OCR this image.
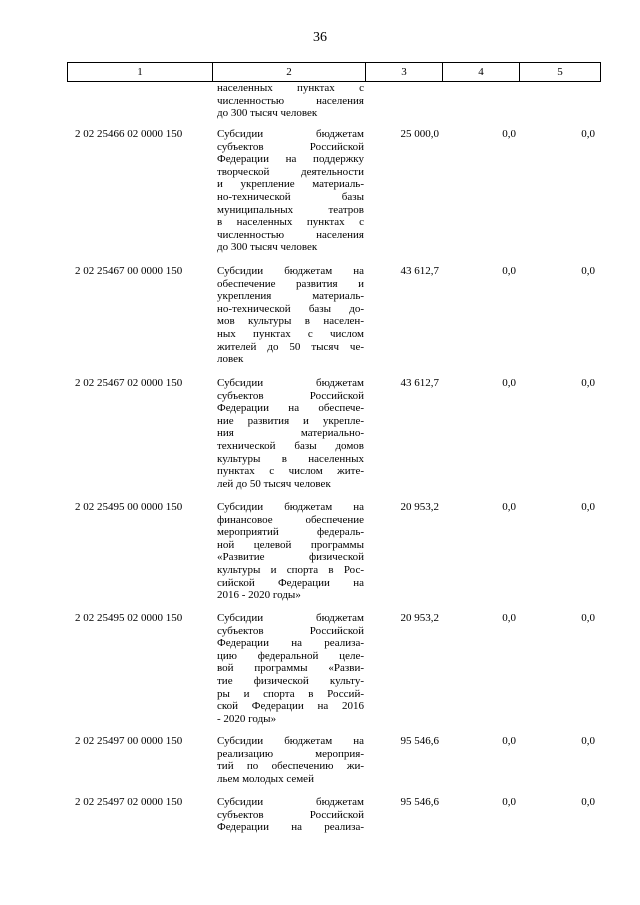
36
1	2	3	4	5
населенных пунктах с
численностью населения
до 300 тысяч человек
2 02 25466 02 0000 150	Субсидии бюджетам
субъектов Российской
Федерации на поддержку
творческой деятельности
и укрепление материаль-
но-технической базы
муниципальных театров
в населенных пунктах с
численностью населения
до 300 тысяч человек
25 000,0	0,0	0,0
2 02 25467 00 0000 150	Субсидии бюджетам на
обеспечение развития и
укрепления материаль-
но-технической базы до-
мов культуры в населен-
ных пунктах с числом
жителей до 50 тысяч че-
ловек
43 612,7	0,0	0,0
2 02 25467 02 0000 150	Субсидии бюджетам
субъектов Российской
Федерации на обеспече-
ние развития и укрепле-
ния материально-
технической базы домов
культуры в населенных
пунктах с числом жите-
лей до 50 тысяч человек
43 612,7	0,0	0,0
2 02 25495 00 0000 150	Субсидии бюджетам на
финансовое обеспечение
мероприятий федераль-
ной целевой программы
«Развитие физической
культуры и спорта в Рос-
сийской Федерации на
2016 - 2020 годы»
20 953,2	0,0	0,0
2 02 25495 02 0000 150	Субсидии бюджетам
субъектов Российской
Федерации на реализа-
цию федеральной целе-
вой программы «Разви-
тие физической культу-
ры и спорта в Россий-
ской Федерации на 2016
- 2020 годы»
20 953,2	0,0	0,0
2 02 25497 00 0000 150	Субсидии бюджетам на
реализацию мероприя-
тий по обеспечению жи-
льем молодых семей
95 546,6	0,0	0,0
2 02 25497 02 0000 150	Субсидии бюджетам
субъектов Российской
Федерации на реализа-
95 546,6	0,0	0,0
